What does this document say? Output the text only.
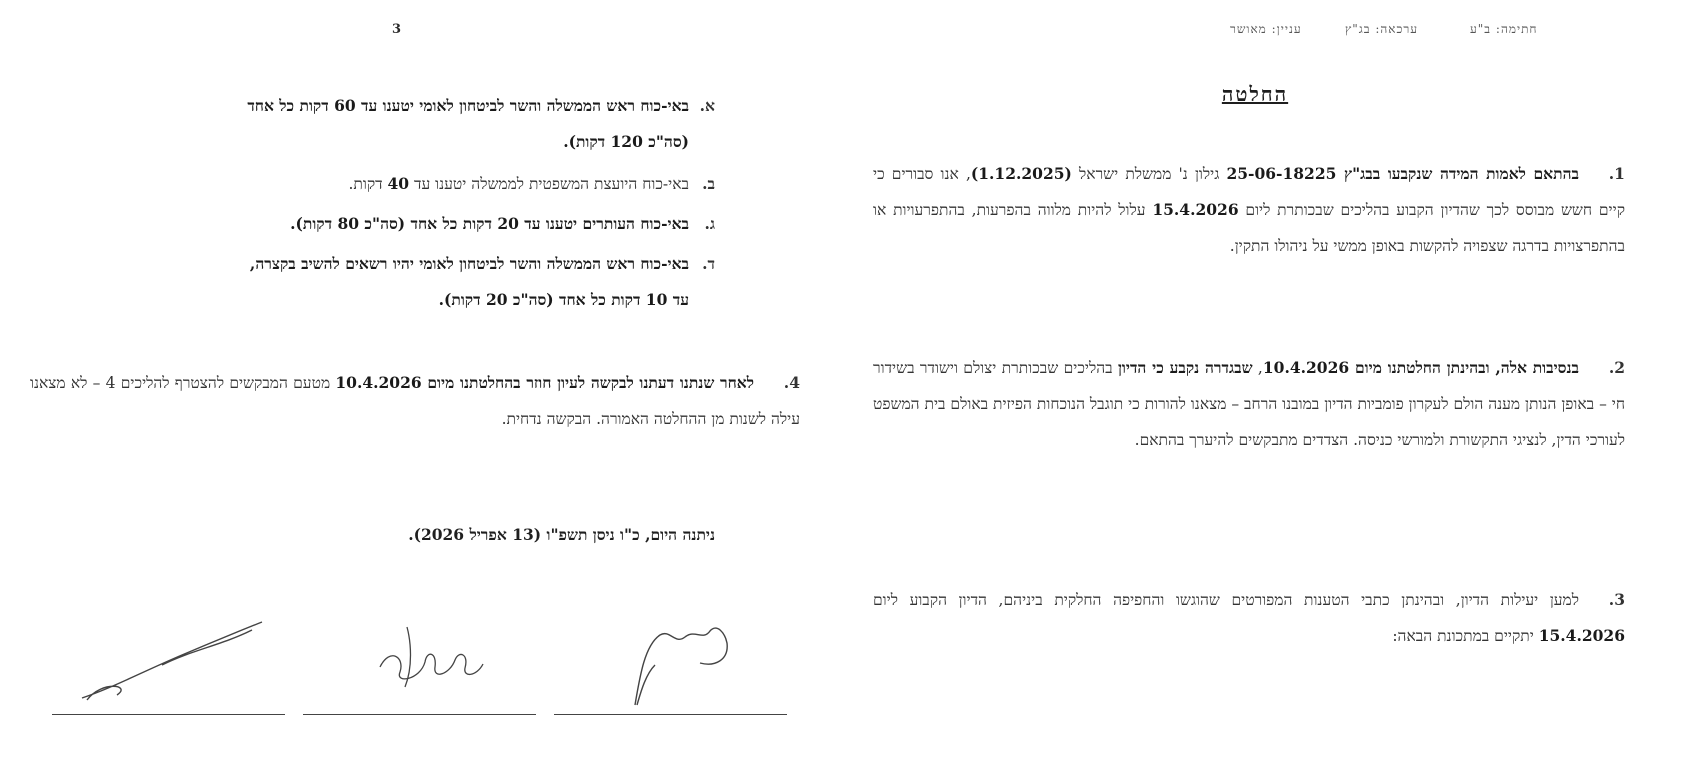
עניין: מאושר	חתימה: ב"ע
ערכאה: בג"ץ
החלטה
1.בהתאם לאמות המידה שנקבעו בבג"ץ 25-06-18225 גילון נ' ממשלת ישראל (1.12.2025), אנו סבורים כי קיים חשש מבוסס לכך שהדיון הקבוע בהליכים שבכותרת ליום 15.4.2026 עלול להיות מלווה בהפרעות, בהתפרעויות או בהתפרצויות בדרגה שצפויה להקשות באופן ממשי על ניהולו התקין.
2.בנסיבות אלה, ובהינתן החלטתנו מיום 10.4.2026, שבגדרה נקבע כי הדיון בהליכים שבכותרת יצולם וישודר בשידור חי – באופן הנותן מענה הולם לעקרון פומביות הדיון במובנו הרחב – מצאנו להורות כי תוגבל הנוכחות הפיזית באולם בית המשפט לעורכי הדין, לנציגי התקשורת ולמורשי כניסה. הצדדים מתבקשים להיערך בהתאם.
3.למען יעילות הדיון, ובהינתן כתבי הטענות המפורטים שהוגשו והחפיפה החלקית ביניהם, הדיון הקבוע ליום 15.4.2026 יתקיים במתכונת הבאה:
3
א.באי-כוח ראש הממשלה והשר לביטחון לאומי יטענו עד 60 דקות כל אחד
(סה"כ 120 דקות).
ב.באי-כוח היועצת המשפטית לממשלה יטענו עד 40 דקות.
ג.באי-כוח העותרים יטענו עד 20 דקות כל אחד (סה"כ 80 דקות).
ד.באי-כוח ראש הממשלה והשר לביטחון לאומי יהיו רשאים להשיב בקצרה,
עד 10 דקות כל אחד (סה"כ 20 דקות).
4.לאחר שנתנו דעתנו לבקשה לעיון חוזר בהחלטתנו מיום 10.4.2026 מטעם המבקשים להצטרף להליכים 4 – לא מצאנו עילה לשנות מן ההחלטה האמורה. הבקשה נדחית.
ניתנה היום, כ"ו ניסן תשפ"ו (13 אפריל 2026).
